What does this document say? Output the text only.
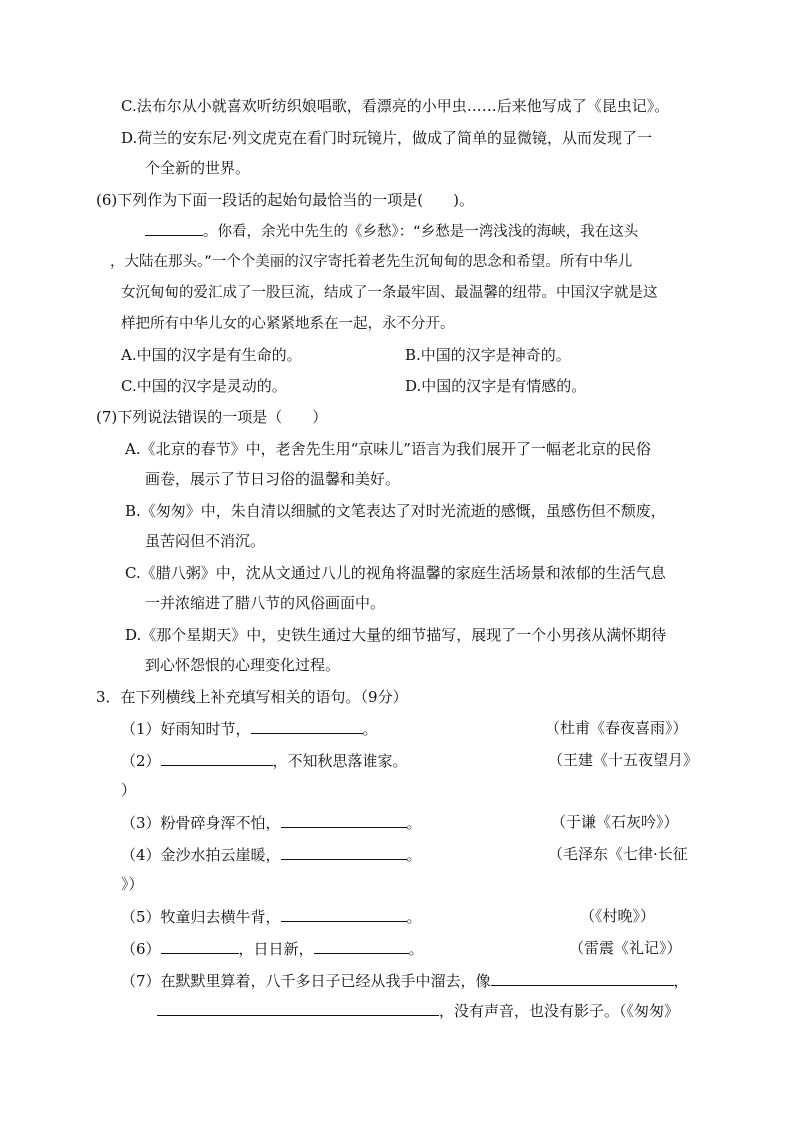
C.法布尔从小就喜欢听纺织娘唱歌，看漂亮的小甲虫……后来他写成了《昆虫记》。
D.荷兰的安东尼·列文虎克在看门时玩镜片，做成了简单的显微镜，从而发现了一
个全新的世界。
(6)下列作为下面一段话的起始句最恰当的一项是(　　)。
。你看，余光中先生的《乡愁》：“乡愁是一湾浅浅的海峡，我在这头
，大陆在那头。”一个个美丽的汉字寄托着老先生沉甸甸的思念和希望。所有中华儿
女沉甸甸的爱汇成了一股巨流，结成了一条最牢固、最温馨的纽带。中国汉字就是这
样把所有中华儿女的心紧紧地系在一起，永不分开。
A.中国的汉字是有生命的。	B.中国的汉字是神奇的。
C.中国的汉字是灵动的。	D.中国的汉字是有情感的。
(7)下列说法错误的一项是（　　）
A.《北京的春节》中，老舍先生用“京味儿”语言为我们展开了一幅老北京的民俗
画卷，展示了节日习俗的温馨和美好。
B.《匆匆》中，朱自清以细腻的文笔表达了对时光流逝的感慨，虽感伤但不颓废，
虽苦闷但不消沉。
C.《腊八粥》中，沈从文通过八儿的视角将温馨的家庭生活场景和浓郁的生活气息
一并浓缩进了腊八节的风俗画面中。
D.《那个星期天》中，史铁生通过大量的细节描写，展现了一个小男孩从满怀期待
到心怀怨恨的心理变化过程。
3．在下列横线上补充填写相关的语句。（9分）
（1）好雨知时节，	。	（杜甫《春夜喜雨》）
（2）	，不知秋思落谁家。	（王建《十五夜望月》
）
（3）粉骨碎身浑不怕，	。	（于谦《石灰吟》）
（4）金沙水拍云崖暖，	。	（毛泽东《七律·长征
》）
（5）牧童归去横牛背，	。	（《村晚》）
（6）	，日日新，	。	（雷震《礼记》）
（7）在默默里算着，八千多日子已经从我手中溜去，像	，
，没有声音，也没有影子。（《匆匆》
